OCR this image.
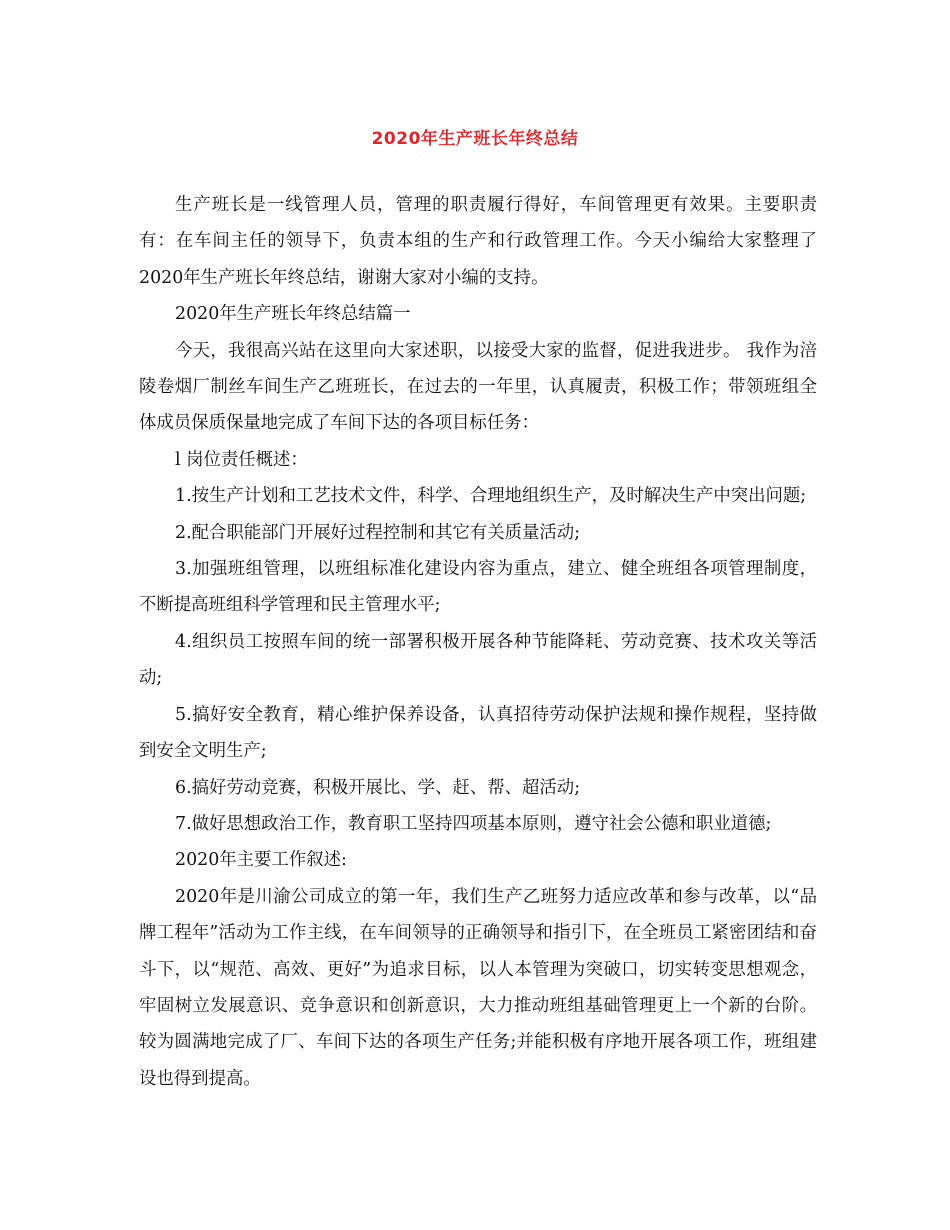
2020年生产班长年终总结

生产班长是一线管理人员，管理的职责履行得好，车间管理更有效果。主要职责有：在车间主任的领导下，负责本组的生产和行政管理工作。今天小编给大家整理了2020年生产班长年终总结，谢谢大家对小编的支持。

2020年生产班长年终总结篇一

今天，我很高兴站在这里向大家述职，以接受大家的监督，促进我进步。 我作为涪陵卷烟厂制丝车间生产乙班班长，在过去的一年里，认真履责，积极工作；带领班组全体成员保质保量地完成了车间下达的各项目标任务：

l 岗位责任概述：

1.按生产计划和工艺技术文件，科学、合理地组织生产，及时解决生产中突出问题;

2.配合职能部门开展好过程控制和其它有关质量活动;

3.加强班组管理，以班组标准化建设内容为重点，建立、健全班组各项管理制度，不断提高班组科学管理和民主管理水平;

4.组织员工按照车间的统一部署积极开展各种节能降耗、劳动竞赛、技术攻关等活动;

5.搞好安全教育，精心维护保养设备，认真招待劳动保护法规和操作规程，坚持做到安全文明生产;

6.搞好劳动竞赛，积极开展比、学、赶、帮、超活动;

7.做好思想政治工作，教育职工坚持四项基本原则，遵守社会公德和职业道德;

2020年主要工作叙述:

2020年是川渝公司成立的第一年，我们生产乙班努力适应改革和参与改革，以“品牌工程年”活动为工作主线，在车间领导的正确领导和指引下，在全班员工紧密团结和奋斗下，以“规范、高效、更好”为追求目标，以人本管理为突破口，切实转变思想观念，牢固树立发展意识、竞争意识和创新意识，大力推动班组基础管理更上一个新的台阶。较为圆满地完成了厂、车间下达的各项生产任务;并能积极有序地开展各项工作，班组建设也得到提高。
